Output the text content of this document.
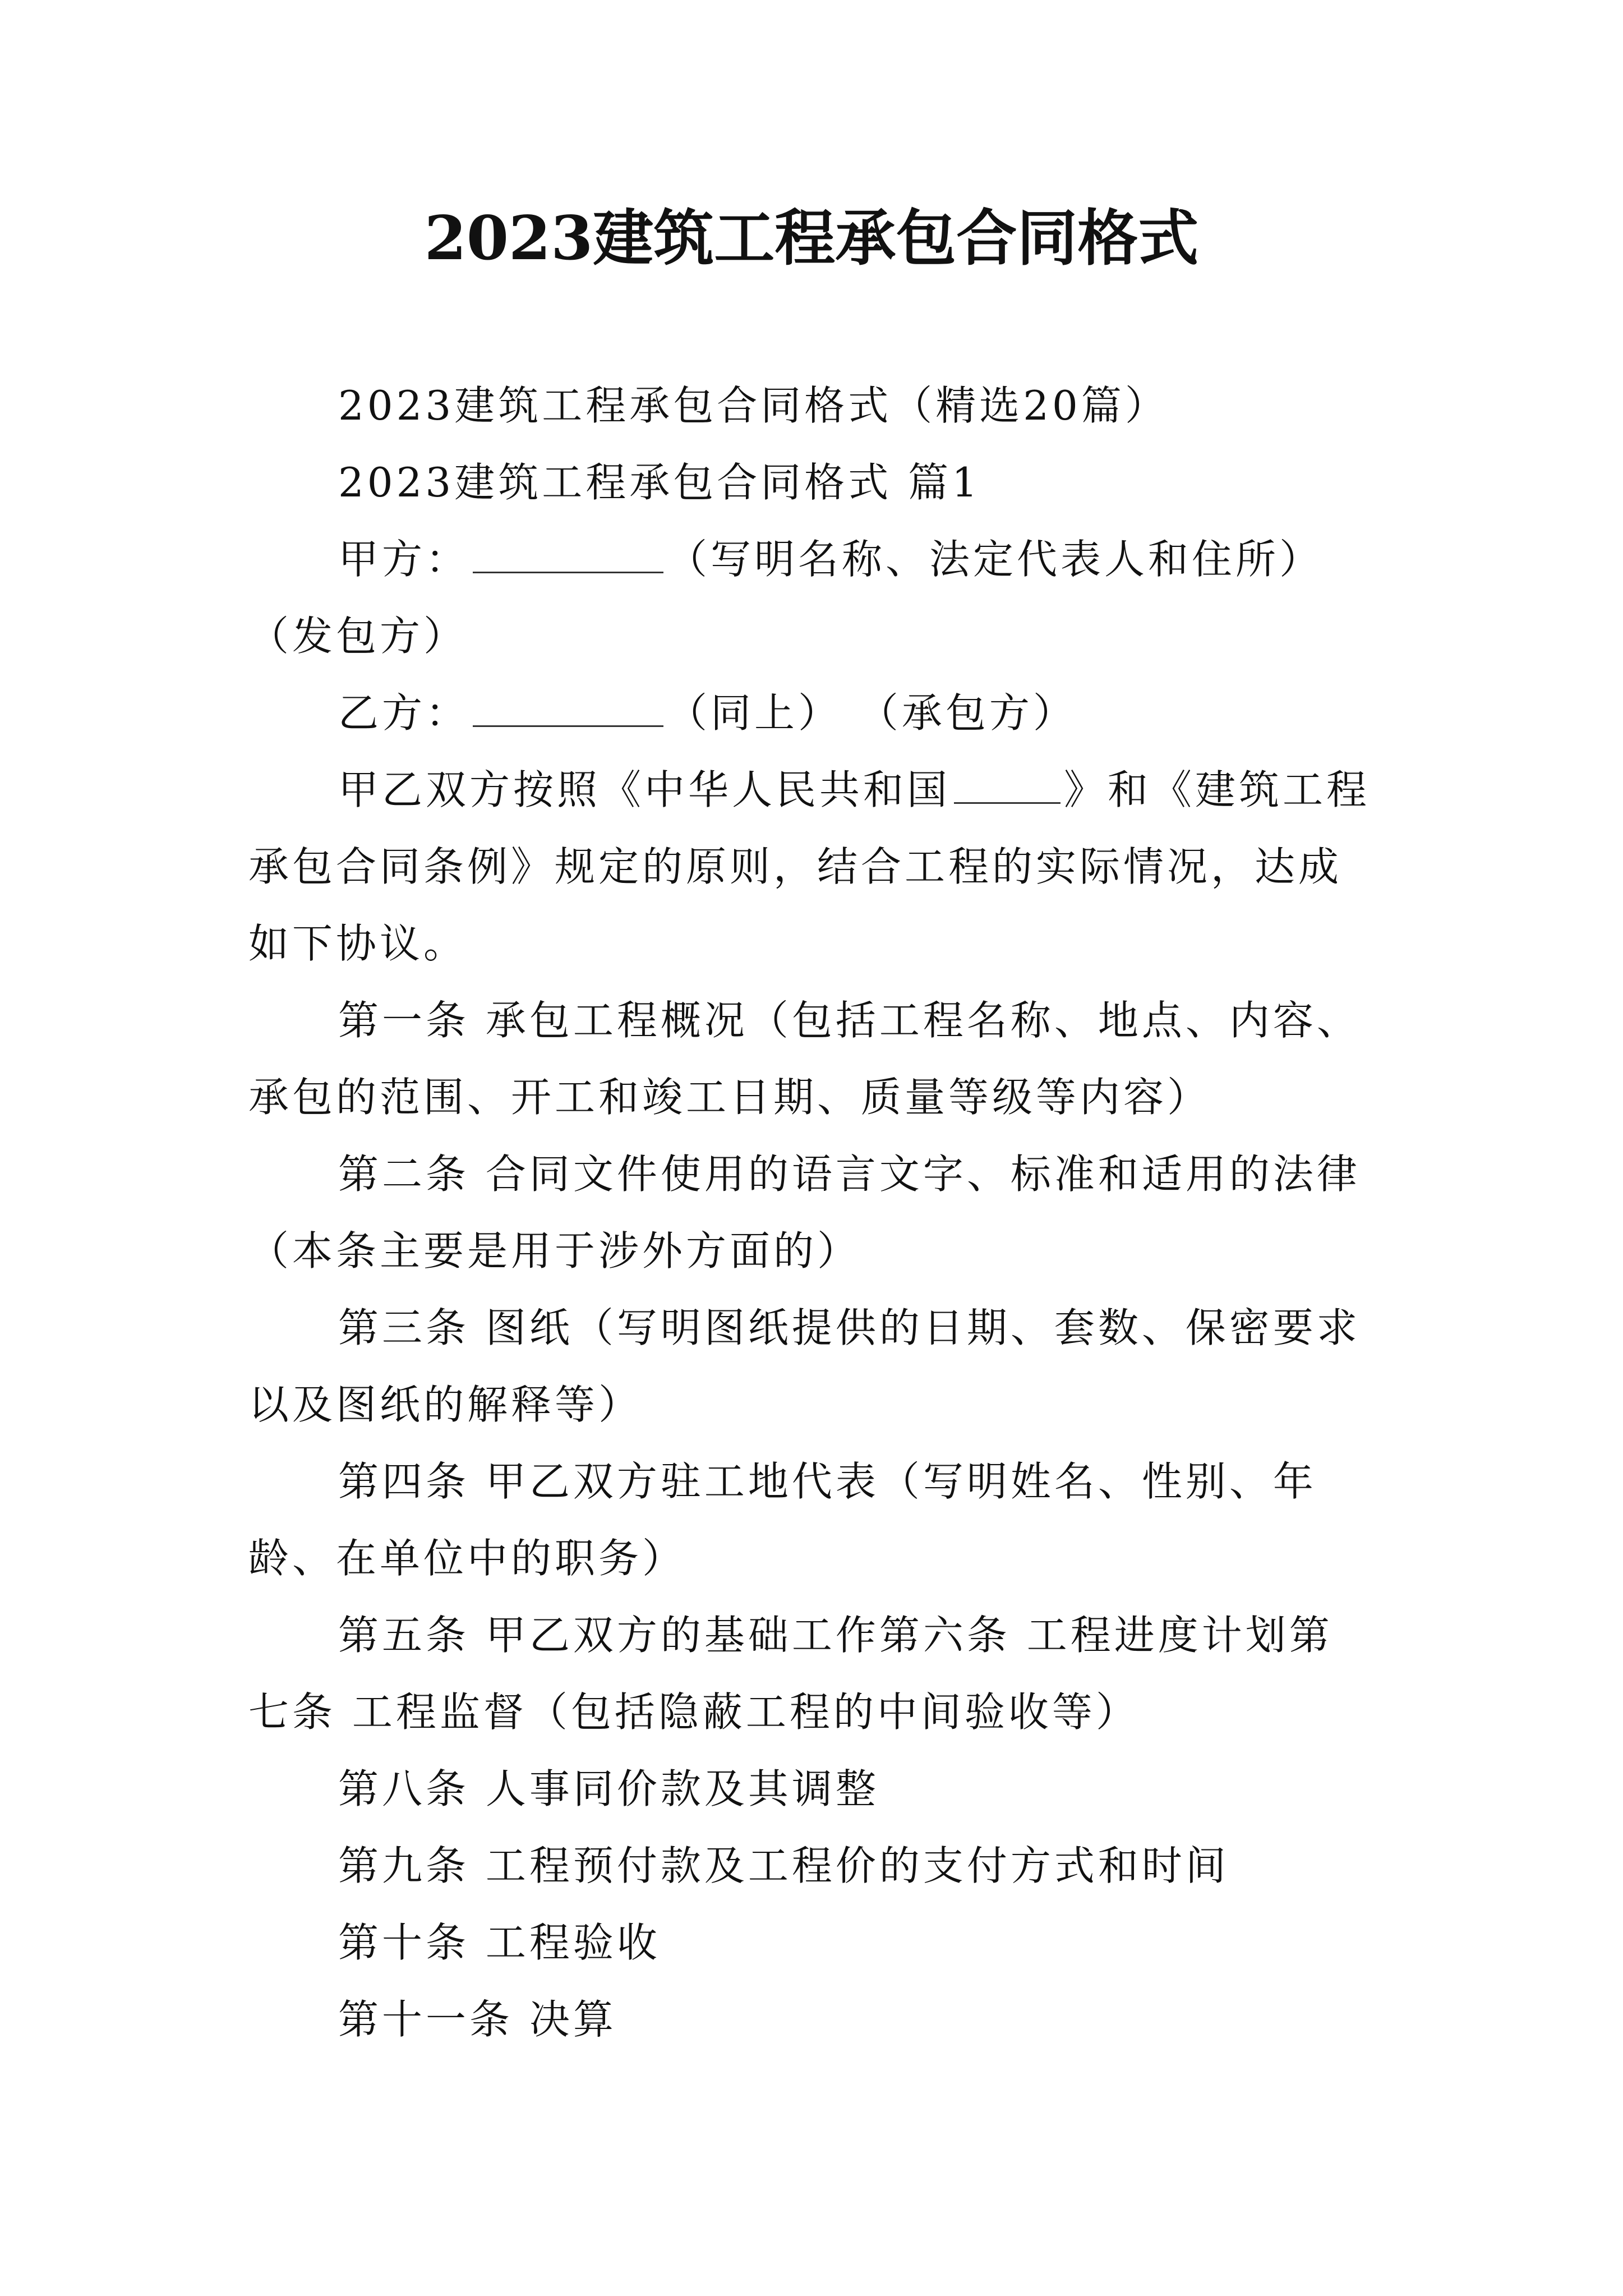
2023建筑工程承包合同格式

2023建筑工程承包合同格式（精选20篇）

2023建筑工程承包合同格式 篇1

甲方：	（写明名称、法定代表人和住所）（发包方）

乙方：	（同上） （承包方）

甲乙双方按照《中华人民共和国	》和《建筑工程承包合同条例》规定的原则，结合工程的实际情况，达成如下协议。

第一条 承包工程概况（包括工程名称、地点、内容、承包的范围、开工和竣工日期、质量等级等内容）

第二条 合同文件使用的语言文字、标准和适用的法律（本条主要是用于涉外方面的）

第三条 图纸（写明图纸提供的日期、套数、保密要求以及图纸的解释等）

第四条 甲乙双方驻工地代表（写明姓名、性别、年龄、在单位中的职务）

第五条 甲乙双方的基础工作第六条 工程进度计划第七条 工程监督（包括隐蔽工程的中间验收等）

第八条 人事同价款及其调整

第九条 工程预付款及工程价的支付方式和时间

第十条 工程验收

第十一条 决算
